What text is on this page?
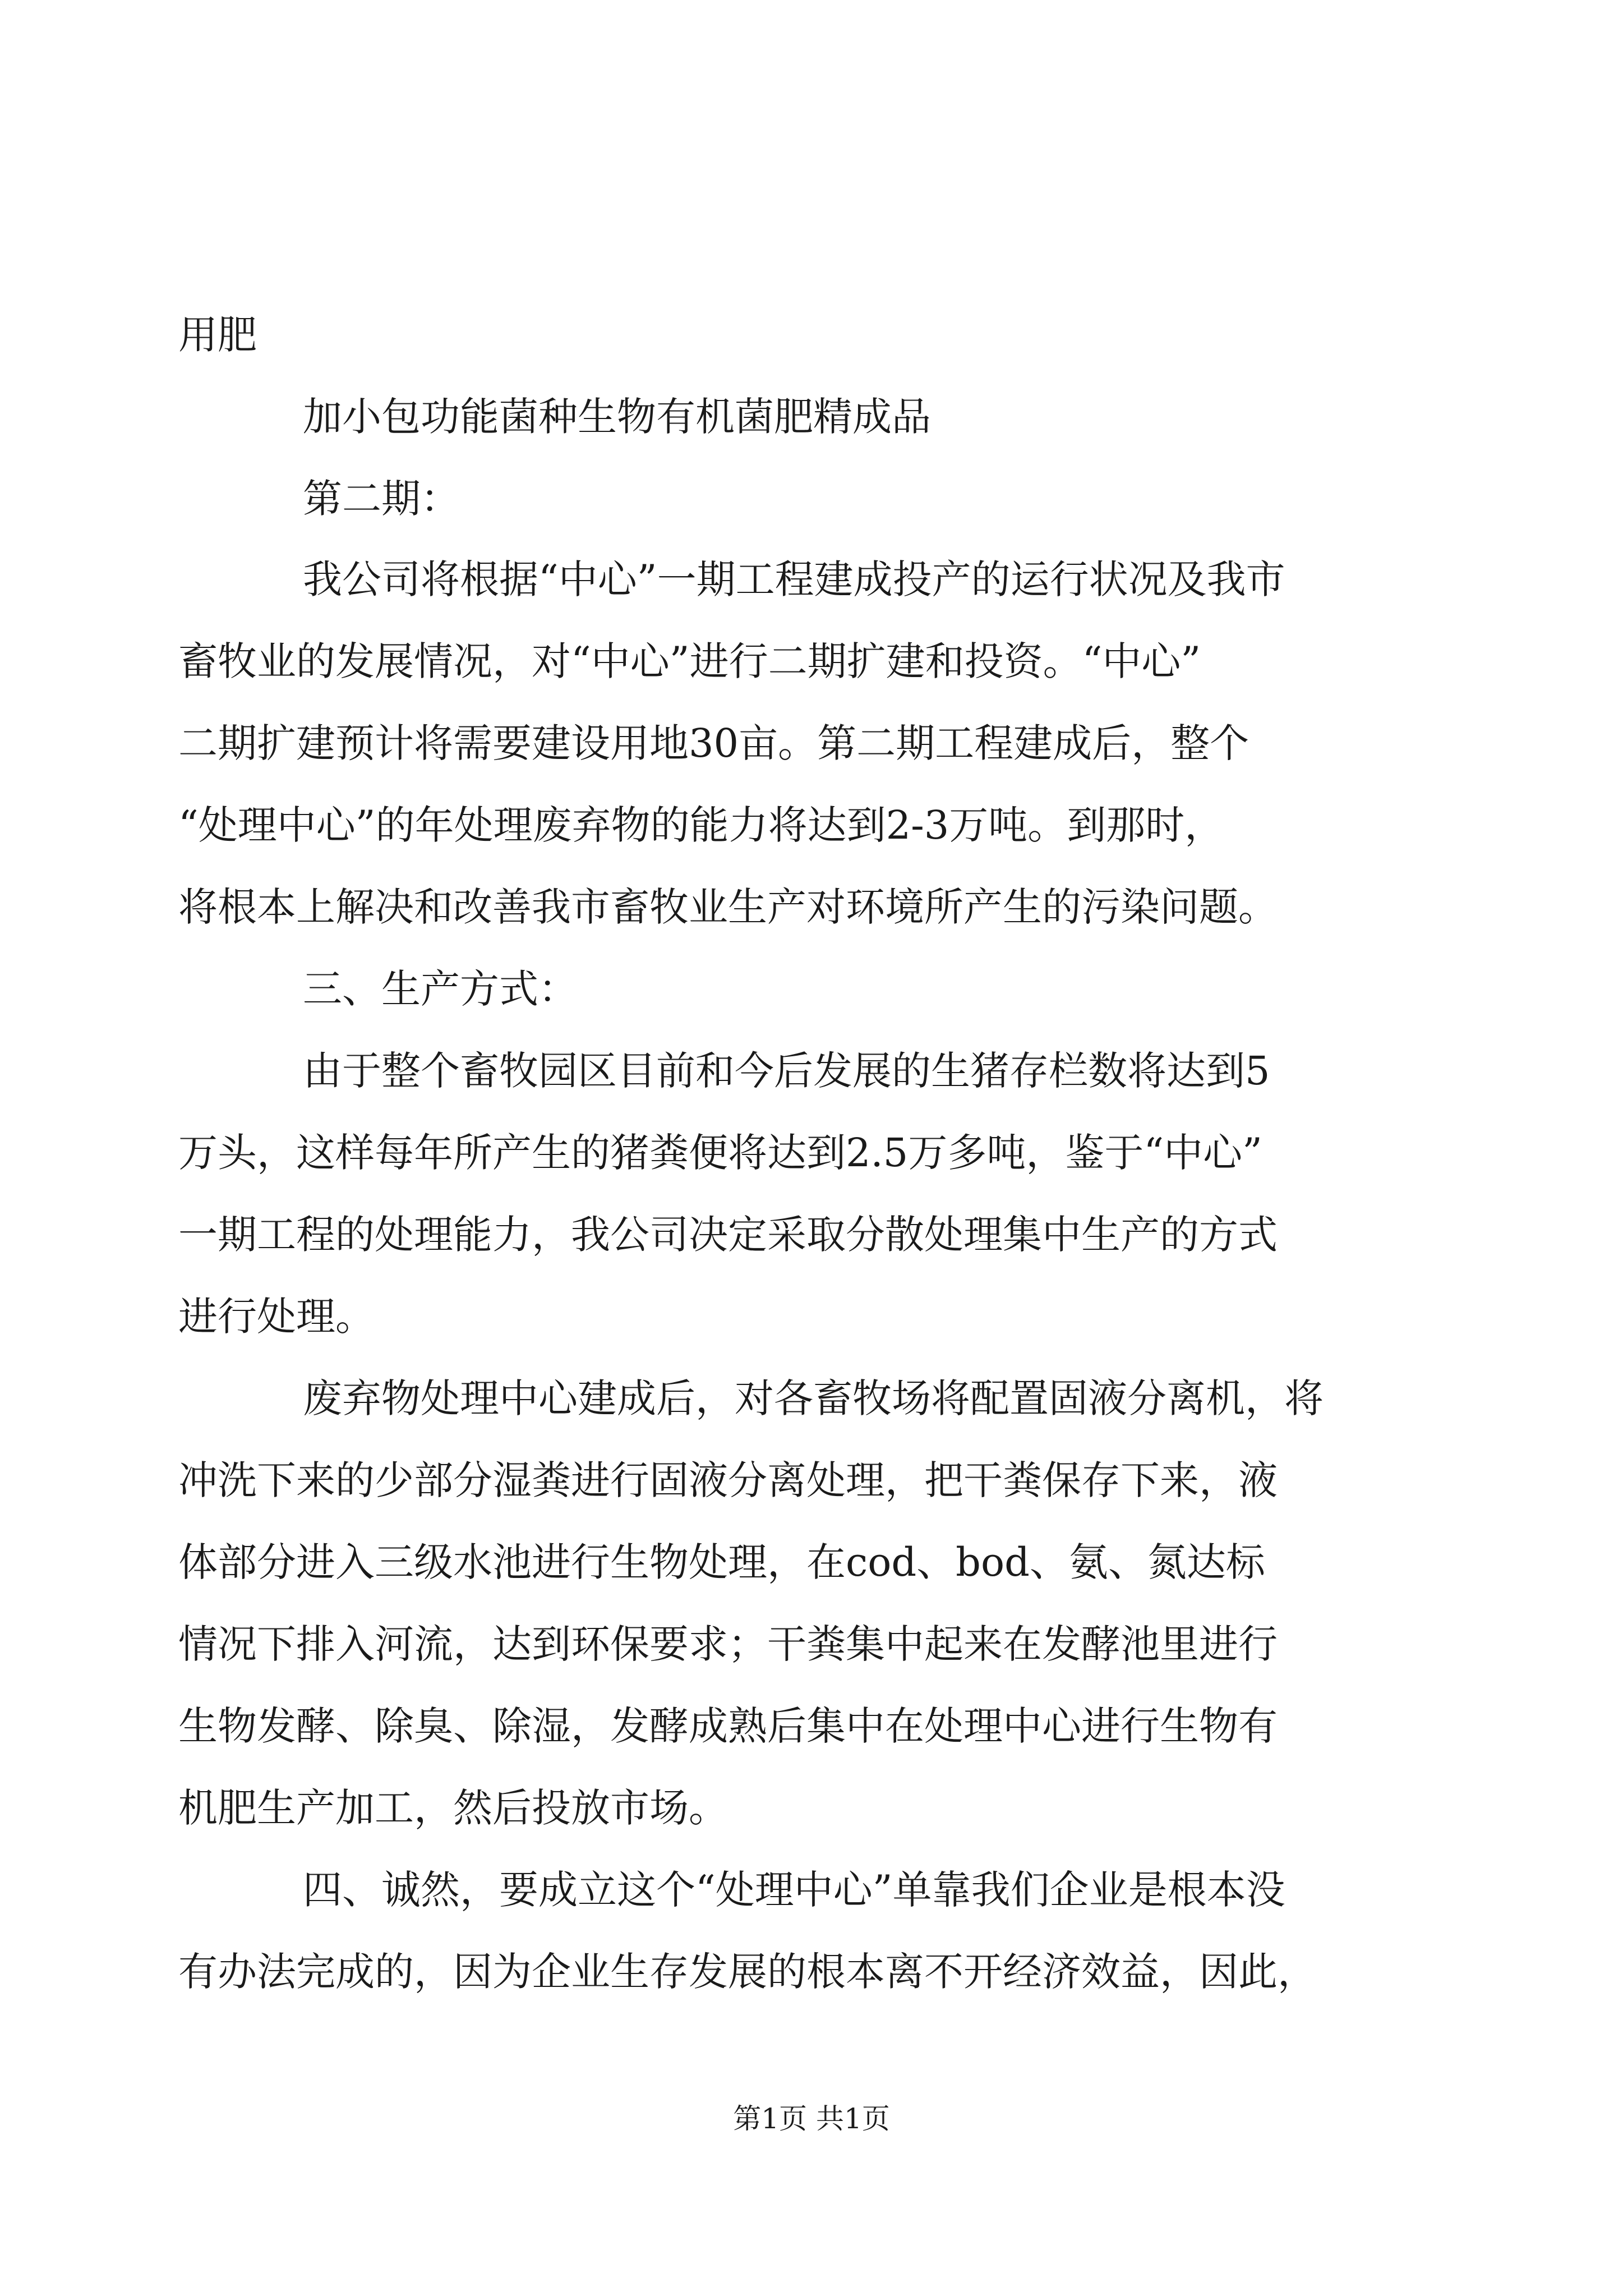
用肥
加小包功能菌种生物有机菌肥精成品
第二期：
我公司将根据“中心”一期工程建成投产的运行状况及我市
畜牧业的发展情况，对“中心”进行二期扩建和投资。“中心”
二期扩建预计将需要建设用地30亩。第二期工程建成后，整个
“处理中心”的年处理废弃物的能力将达到2-3万吨。到那时，
将根本上解决和改善我市畜牧业生产对环境所产生的污染问题。
三、生产方式：
由于整个畜牧园区目前和今后发展的生猪存栏数将达到5
万头，这样每年所产生的猪粪便将达到2.5万多吨，鉴于“中心”
一期工程的处理能力，我公司决定采取分散处理集中生产的方式
进行处理。
废弃物处理中心建成后，对各畜牧场将配置固液分离机，将
冲洗下来的少部分湿粪进行固液分离处理，把干粪保存下来，液
体部分进入三级水池进行生物处理，在cod、bod、氨、氮达标
情况下排入河流，达到环保要求；干粪集中起来在发酵池里进行
生物发酵、除臭、除湿，发酵成熟后集中在处理中心进行生物有
机肥生产加工，然后投放市场。
四、诚然，要成立这个“处理中心”单靠我们企业是根本没
有办法完成的，因为企业生存发展的根本离不开经济效益，因此，
第1页 共1页
